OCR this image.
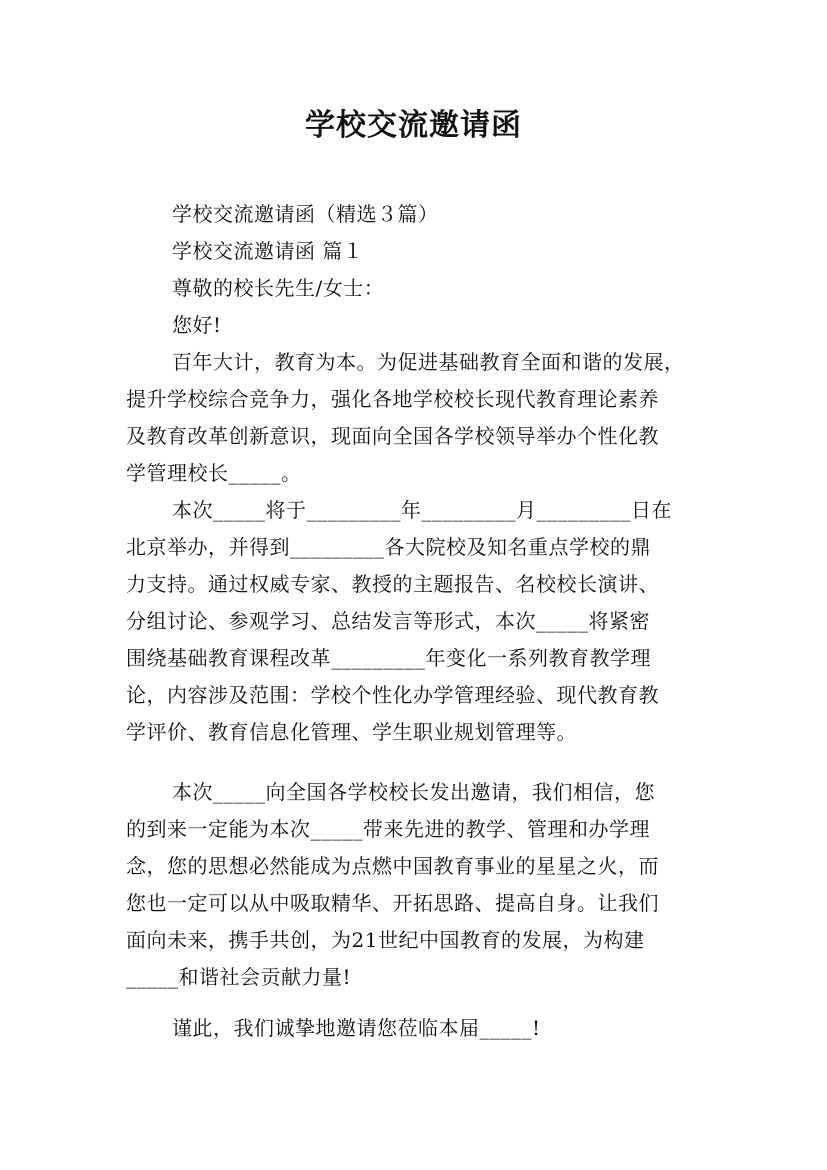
学校交流邀请函
学校交流邀请函（精选３篇）
学校交流邀请函 篇１
尊敬的校长先生/女士：
您好!
百年大计，教育为本。为促进基础教育全面和谐的发展，
提升学校综合竞争力，强化各地学校校长现代教育理论素养
及教育改革创新意识，现面向全国各学校领导举办个性化教
学管理校长_____。
本次_____将于_________年_________月_________日在
北京举办，并得到_________各大院校及知名重点学校的鼎
力支持。通过权威专家、教授的主题报告、名校校长演讲、
分组讨论、参观学习、总结发言等形式，本次_____将紧密
围绕基础教育课程改革_________年变化一系列教育教学理
论，内容涉及范围：学校个性化办学管理经验、现代教育教
学评价、教育信息化管理、学生职业规划管理等。
本次_____向全国各学校校长发出邀请，我们相信，您
的到来一定能为本次_____带来先进的教学、管理和办学理
念，您的思想必然能成为点燃中国教育事业的星星之火，而
您也一定可以从中吸取精华、开拓思路、提高自身。让我们
面向未来，携手共创，为21世纪中国教育的发展，为构建
_____和谐社会贡献力量!
谨此，我们诚挚地邀请您莅临本届_____!
